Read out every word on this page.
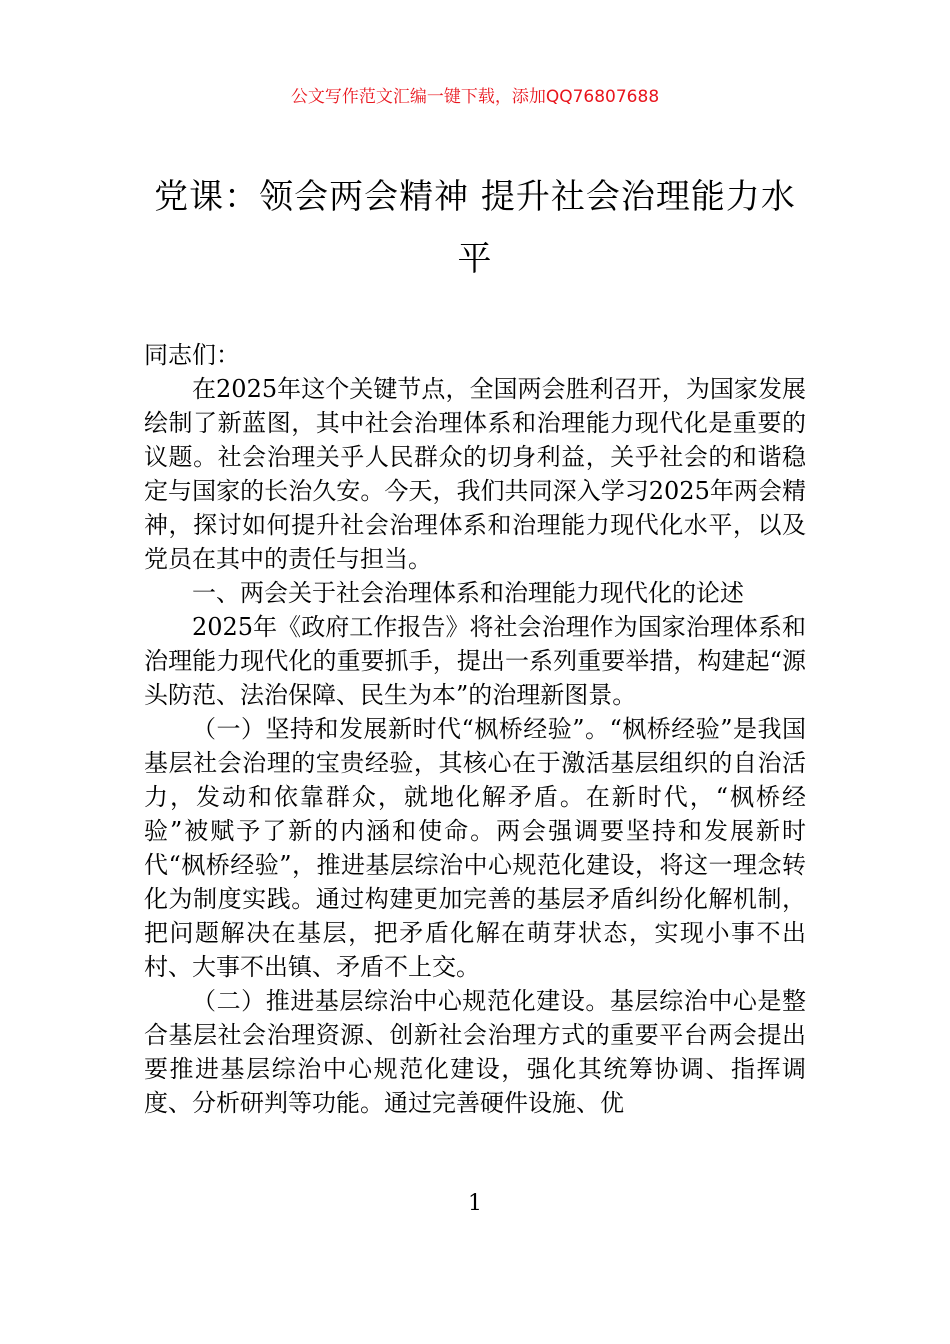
公文写作范文汇编一键下载，添加QQ76807688
党课：领会两会精神 提升社会治理能力水平

同志们：

在2025年这个关键节点，全国两会胜利召开，为国家发展绘制了新蓝图，其中社会治理体系和治理能力现代化是重要的议题。社会治理关乎人民群众的切身利益，关乎社会的和谐稳定与国家的长治久安。今天，我们共同深入学习2025年两会精神，探讨如何提升社会治理体系和治理能力现代化水平，以及党员在其中的责任与担当。

一、两会关于社会治理体系和治理能力现代化的论述

2025年《政府工作报告》将社会治理作为国家治理体系和治理能力现代化的重要抓手，提出一系列重要举措，构建起“源头防范、法治保障、民生为本”的治理新图景。

（一）坚持和发展新时代“枫桥经验”。“枫桥经验”是我国基层社会治理的宝贵经验，其核心在于激活基层组织的自治活力，发动和依靠群众，就地化解矛盾。在新时代，“枫桥经验”被赋予了新的内涵和使命。两会强调要坚持和发展新时代“枫桥经验”，推进基层综治中心规范化建设，将这一理念转化为制度实践。通过构建更加完善的基层矛盾纠纷化解机制，把问题解决在基层，把矛盾化解在萌芽状态，实现小事不出村、大事不出镇、矛盾不上交。

（二）推进基层综治中心规范化建设。基层综治中心是整合基层社会治理资源、创新社会治理方式的重要平台两会提出要推进基层综治中心规范化建设，强化其统筹协调、指挥调度、分析研判等功能。通过完善硬件设施、优

1
